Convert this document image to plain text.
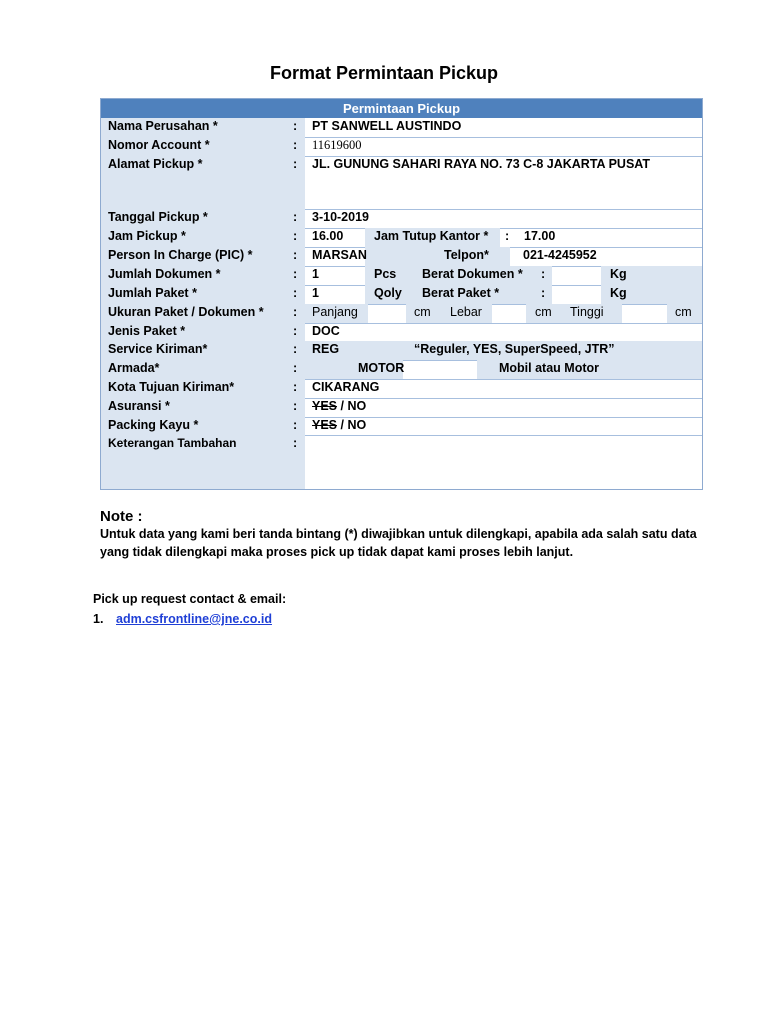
Format Permintaan Pickup
Permintaan Pickup
Nama Perusahan *	: PT SANWELL AUSTINDO
Nomor Account *	: 11619600
Alamat Pickup *	: JL. GUNUNG SAHARI RAYA NO. 73 C-8 JAKARTA PUSAT
Tanggal Pickup *	: 3-10-2019
Jam Pickup *	: 16.00 Jam Tutup Kantor * : 17.00
Person In Charge (PIC) *	: MARSAN	Telpon*	021-4245952
Jumlah Dokumen *	: 1	Pcs Berat Dokumen * :	Kg
Jumlah Paket *	: 1	Qoly Berat Paket *	:	Kg
Ukuran Paket / Dokumen * : Panjang	cm Lebar	cm Tinggi	cm
Jenis Paket *	: DOC
Service Kiriman*	: REG	“Reguler, YES, SuperSpeed, JTR”
Armada*	:	MOTOR	Mobil atau Motor
Kota Tujuan Kiriman*	: CIKARANG
Asuransi *	: YES / NO
Packing Kayu *	: YES / NO
Keterangan Tambahan	:
Note :
Untuk data yang kami beri tanda bintang (*) diwajibkan untuk dilengkapi, apabila ada salah satu data yang tidak dilengkapi maka proses pick up tidak dapat kami proses lebih lanjut.
Pick up request contact & email:
1. adm.csfrontline@jne.co.id
